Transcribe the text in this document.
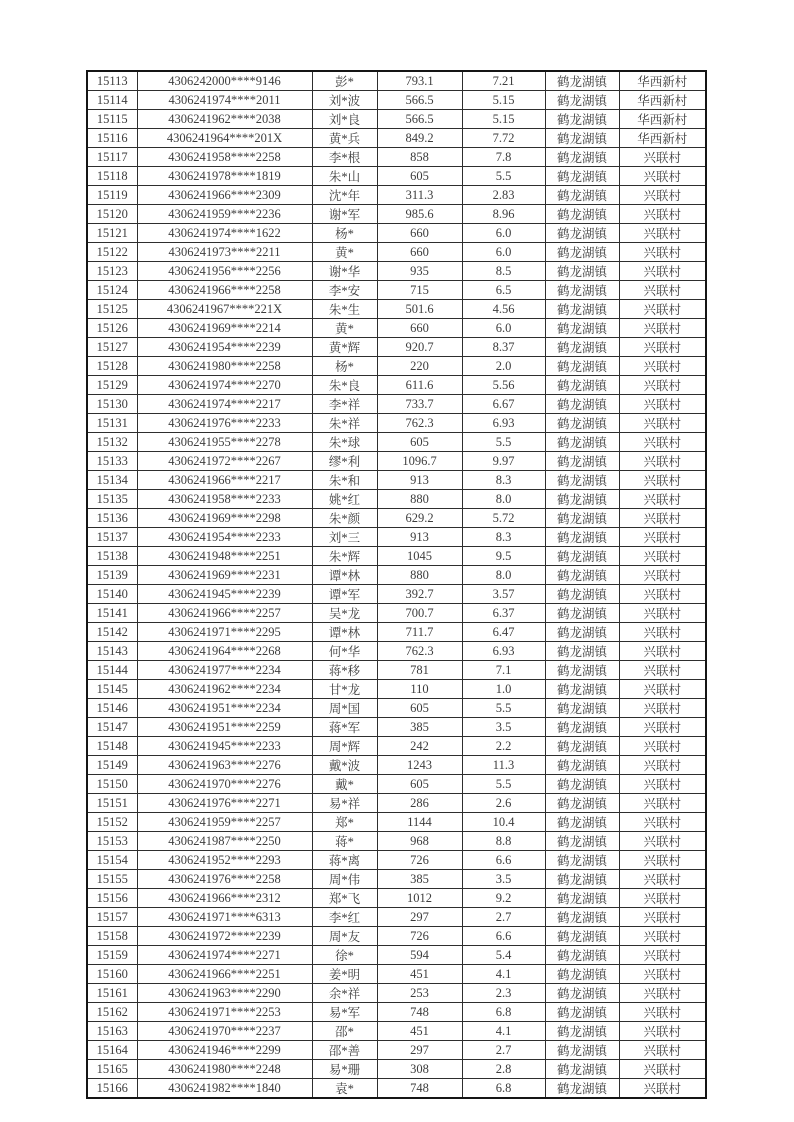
15113	4306242000****9146	彭*	793.1	7.21	鹤龙湖镇	华西新村
15114	4306241974****2011	刘*波	566.5	5.15	鹤龙湖镇	华西新村
15115	4306241962****2038	刘*良	566.5	5.15	鹤龙湖镇	华西新村
15116	4306241964****201X	黄*兵	849.2	7.72	鹤龙湖镇	华西新村
15117	4306241958****2258	李*根	858	7.8	鹤龙湖镇	兴联村
15118	4306241978****1819	朱*山	605	5.5	鹤龙湖镇	兴联村
15119	4306241966****2309	沈*年	311.3	2.83	鹤龙湖镇	兴联村
15120	4306241959****2236	谢*军	985.6	8.96	鹤龙湖镇	兴联村
15121	4306241974****1622	杨*	660	6.0	鹤龙湖镇	兴联村
15122	4306241973****2211	黄*	660	6.0	鹤龙湖镇	兴联村
15123	4306241956****2256	谢*华	935	8.5	鹤龙湖镇	兴联村
15124	4306241966****2258	李*安	715	6.5	鹤龙湖镇	兴联村
15125	4306241967****221X	朱*生	501.6	4.56	鹤龙湖镇	兴联村
15126	4306241969****2214	黄*	660	6.0	鹤龙湖镇	兴联村
15127	4306241954****2239	黄*辉	920.7	8.37	鹤龙湖镇	兴联村
15128	4306241980****2258	杨*	220	2.0	鹤龙湖镇	兴联村
15129	4306241974****2270	朱*良	611.6	5.56	鹤龙湖镇	兴联村
15130	4306241974****2217	李*祥	733.7	6.67	鹤龙湖镇	兴联村
15131	4306241976****2233	朱*祥	762.3	6.93	鹤龙湖镇	兴联村
15132	4306241955****2278	朱*球	605	5.5	鹤龙湖镇	兴联村
15133	4306241972****2267	缪*利	1096.7	9.97	鹤龙湖镇	兴联村
15134	4306241966****2217	朱*和	913	8.3	鹤龙湖镇	兴联村
15135	4306241958****2233	姚*红	880	8.0	鹤龙湖镇	兴联村
15136	4306241969****2298	朱*颜	629.2	5.72	鹤龙湖镇	兴联村
15137	4306241954****2233	刘*三	913	8.3	鹤龙湖镇	兴联村
15138	4306241948****2251	朱*辉	1045	9.5	鹤龙湖镇	兴联村
15139	4306241969****2231	谭*林	880	8.0	鹤龙湖镇	兴联村
15140	4306241945****2239	谭*军	392.7	3.57	鹤龙湖镇	兴联村
15141	4306241966****2257	吴*龙	700.7	6.37	鹤龙湖镇	兴联村
15142	4306241971****2295	谭*林	711.7	6.47	鹤龙湖镇	兴联村
15143	4306241964****2268	何*华	762.3	6.93	鹤龙湖镇	兴联村
15144	4306241977****2234	蒋*移	781	7.1	鹤龙湖镇	兴联村
15145	4306241962****2234	甘*龙	110	1.0	鹤龙湖镇	兴联村
15146	4306241951****2234	周*国	605	5.5	鹤龙湖镇	兴联村
15147	4306241951****2259	蒋*军	385	3.5	鹤龙湖镇	兴联村
15148	4306241945****2233	周*辉	242	2.2	鹤龙湖镇	兴联村
15149	4306241963****2276	戴*波	1243	11.3	鹤龙湖镇	兴联村
15150	4306241970****2276	戴*	605	5.5	鹤龙湖镇	兴联村
15151	4306241976****2271	易*祥	286	2.6	鹤龙湖镇	兴联村
15152	4306241959****2257	郑*	1144	10.4	鹤龙湖镇	兴联村
15153	4306241987****2250	蒋*	968	8.8	鹤龙湖镇	兴联村
15154	4306241952****2293	蒋*离	726	6.6	鹤龙湖镇	兴联村
15155	4306241976****2258	周*伟	385	3.5	鹤龙湖镇	兴联村
15156	4306241966****2312	郑*飞	1012	9.2	鹤龙湖镇	兴联村
15157	4306241971****6313	李*红	297	2.7	鹤龙湖镇	兴联村
15158	4306241972****2239	周*友	726	6.6	鹤龙湖镇	兴联村
15159	4306241974****2271	徐*	594	5.4	鹤龙湖镇	兴联村
15160	4306241966****2251	姜*明	451	4.1	鹤龙湖镇	兴联村
15161	4306241963****2290	余*祥	253	2.3	鹤龙湖镇	兴联村
15162	4306241971****2253	易*军	748	6.8	鹤龙湖镇	兴联村
15163	4306241970****2237	邵*	451	4.1	鹤龙湖镇	兴联村
15164	4306241946****2299	邵*善	297	2.7	鹤龙湖镇	兴联村
15165	4306241980****2248	易*珊	308	2.8	鹤龙湖镇	兴联村
15166	4306241982****1840	袁*	748	6.8	鹤龙湖镇	兴联村
